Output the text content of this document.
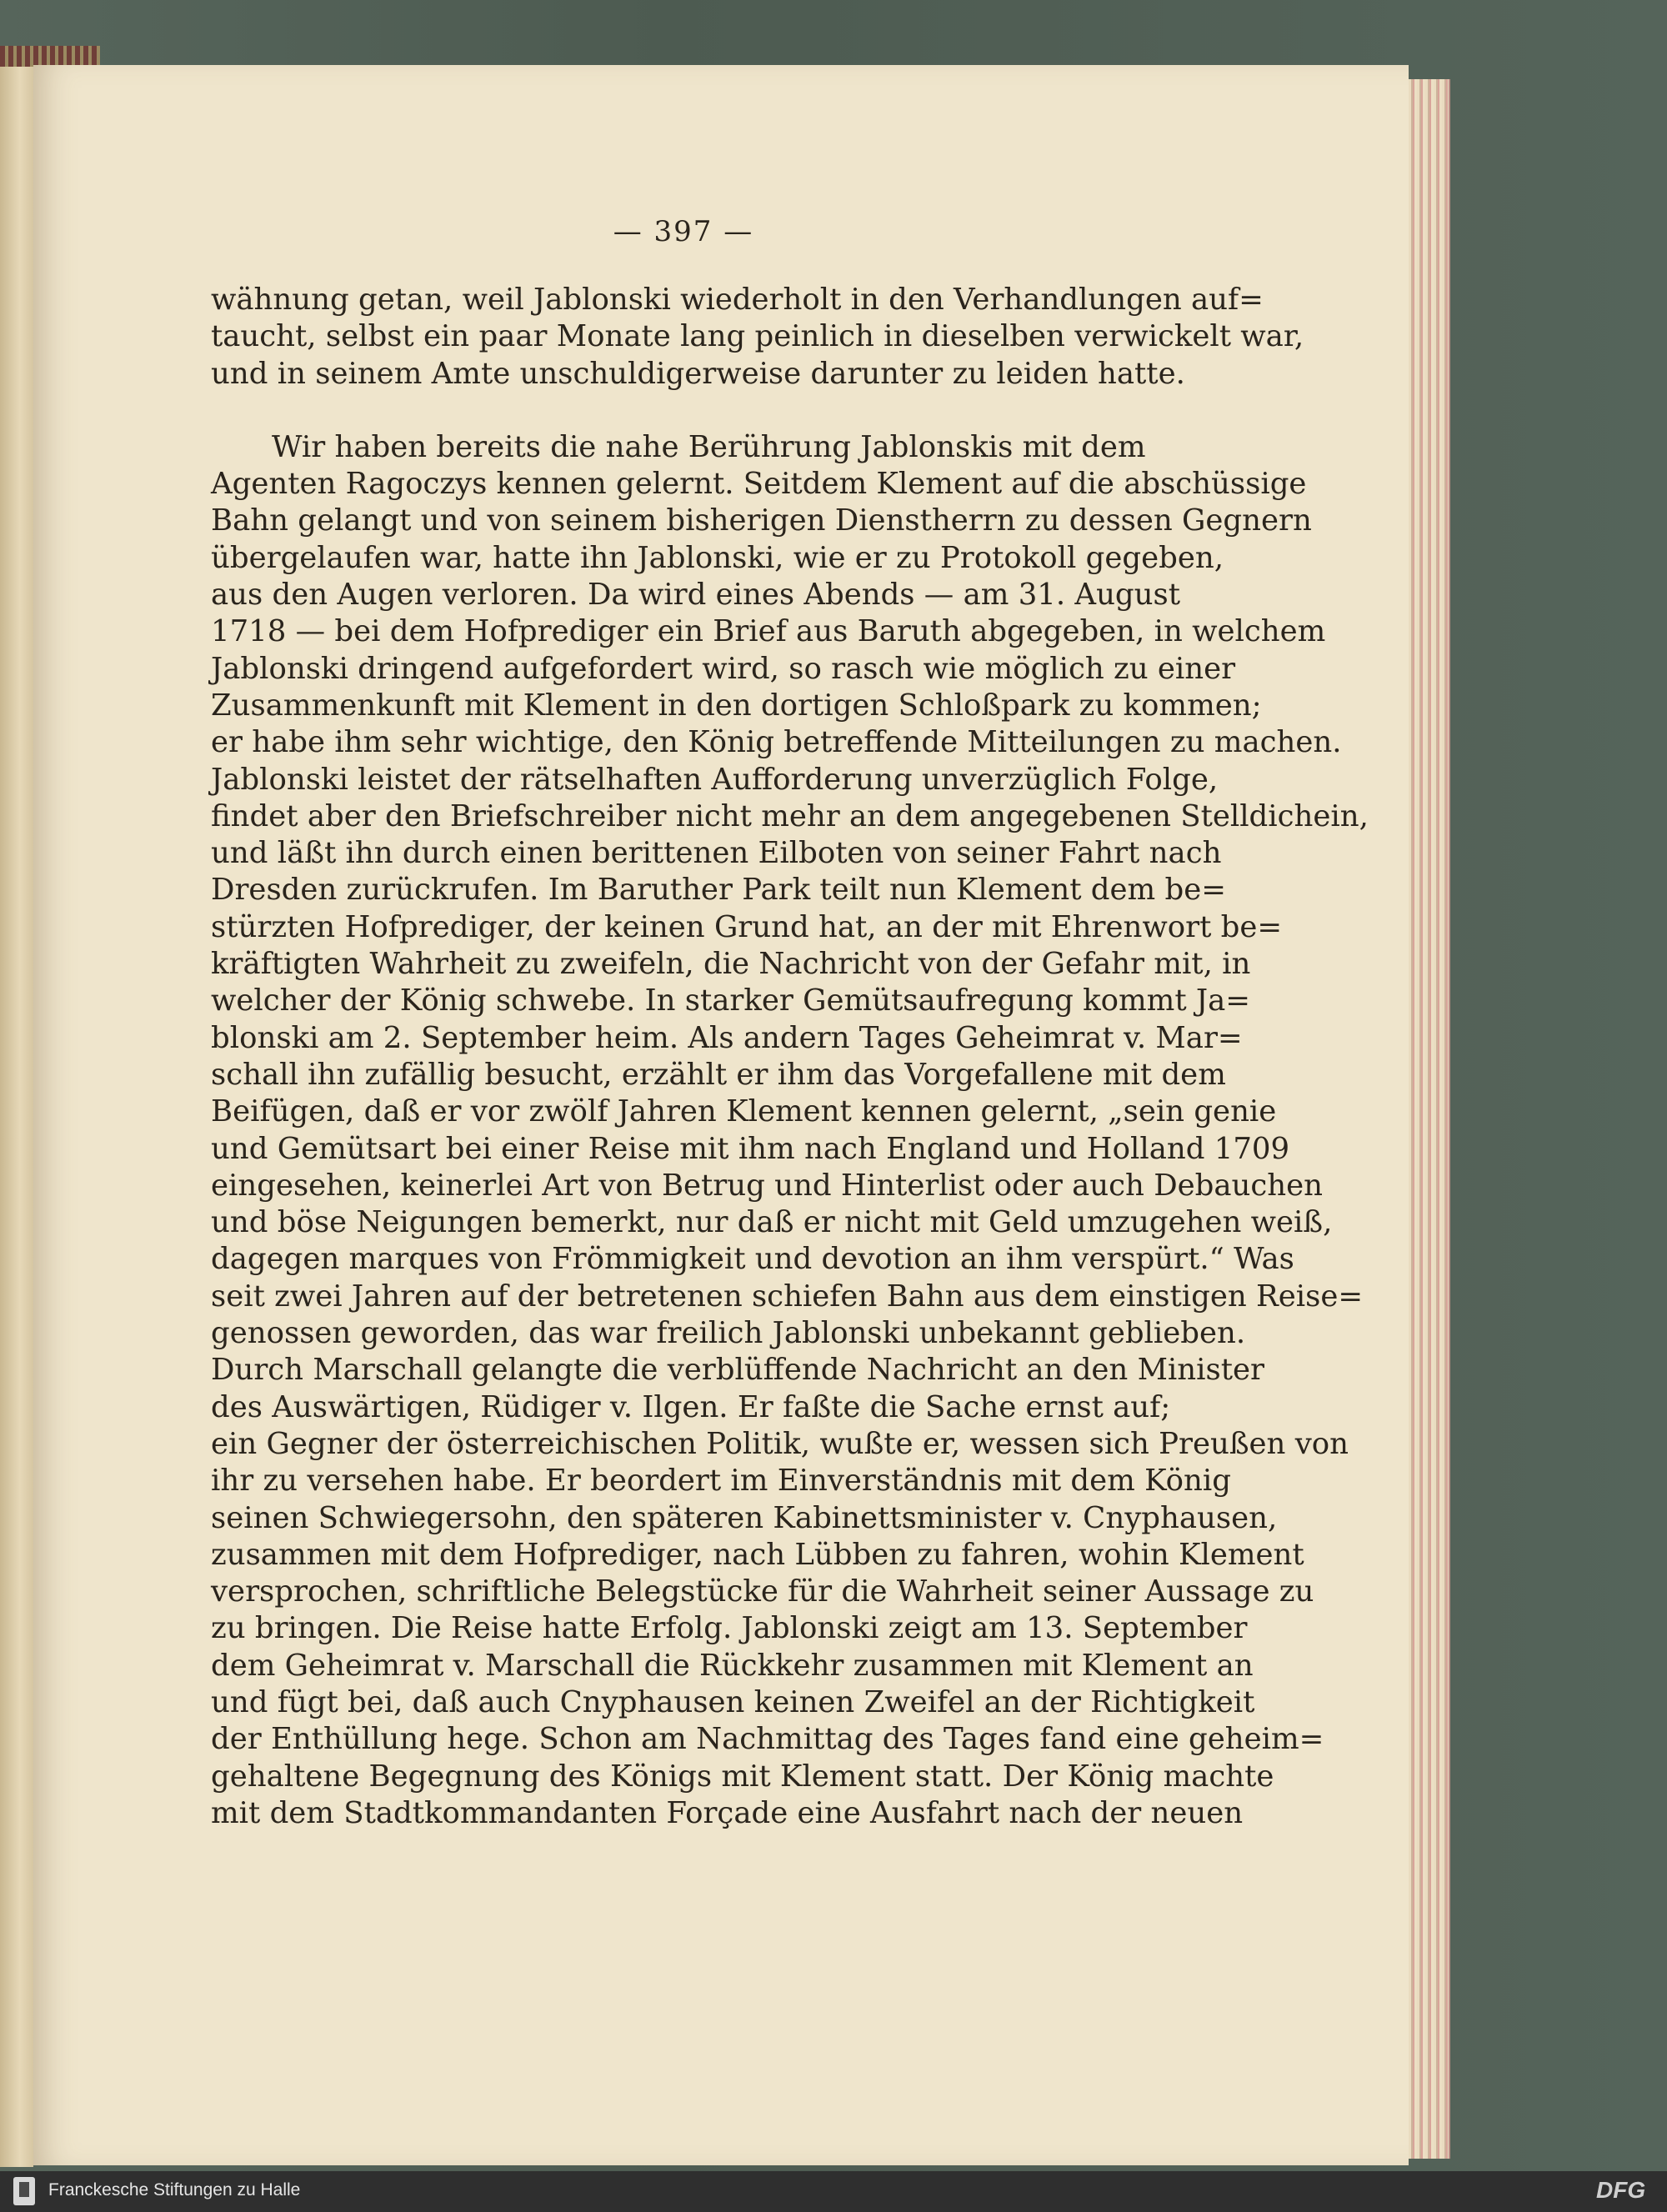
— 397 —
wähnung getan, weil Jablonski wiederholt in den Verhandlungen auf=
taucht, selbst ein paar Monate lang peinlich in dieselben verwickelt war,
und in seinem Amte unschuldigerweise darunter zu leiden hatte.
Wir haben bereits die nahe Berührung Jablonskis mit dem
Agenten Ragoczys kennen gelernt. Seitdem Klement auf die abschüssige
Bahn gelangt und von seinem bisherigen Dienstherrn zu dessen Gegnern
übergelaufen war, hatte ihn Jablonski, wie er zu Protokoll gegeben,
aus den Augen verloren. Da wird eines Abends — am 31. August
1718 — bei dem Hofprediger ein Brief aus Baruth abgegeben, in welchem
Jablonski dringend aufgefordert wird, so rasch wie möglich zu einer
Zusammenkunft mit Klement in den dortigen Schloßpark zu kommen;
er habe ihm sehr wichtige, den König betreffende Mitteilungen zu machen.
Jablonski leistet der rätselhaften Aufforderung unverzüglich Folge,
findet aber den Briefschreiber nicht mehr an dem angegebenen Stelldichein,
und läßt ihn durch einen berittenen Eilboten von seiner Fahrt nach
Dresden zurückrufen. Im Baruther Park teilt nun Klement dem be=
stürzten Hofprediger, der keinen Grund hat, an der mit Ehrenwort be=
kräftigten Wahrheit zu zweifeln, die Nachricht von der Gefahr mit, in
welcher der König schwebe. In starker Gemütsaufregung kommt Ja=
blonski am 2. September heim. Als andern Tages Geheimrat v. Mar=
schall ihn zufällig besucht, erzählt er ihm das Vorgefallene mit dem
Beifügen, daß er vor zwölf Jahren Klement kennen gelernt, „sein genie
und Gemütsart bei einer Reise mit ihm nach England und Holland 1709
eingesehen, keinerlei Art von Betrug und Hinterlist oder auch Debauchen
und böse Neigungen bemerkt, nur daß er nicht mit Geld umzugehen weiß,
dagegen marques von Frömmigkeit und devotion an ihm verspürt.“ Was
seit zwei Jahren auf der betretenen schiefen Bahn aus dem einstigen Reise=
genossen geworden, das war freilich Jablonski unbekannt geblieben.
Durch Marschall gelangte die verblüffende Nachricht an den Minister
des Auswärtigen, Rüdiger v. Ilgen. Er faßte die Sache ernst auf;
ein Gegner der österreichischen Politik, wußte er, wessen sich Preußen von
ihr zu versehen habe. Er beordert im Einverständnis mit dem König
seinen Schwiegersohn, den späteren Kabinettsminister v. Cnyphausen,
zusammen mit dem Hofprediger, nach Lübben zu fahren, wohin Klement
versprochen, schriftliche Belegstücke für die Wahrheit seiner Aussage zu
zu bringen. Die Reise hatte Erfolg. Jablonski zeigt am 13. September
dem Geheimrat v. Marschall die Rückkehr zusammen mit Klement an
und fügt bei, daß auch Cnyphausen keinen Zweifel an der Richtigkeit
der Enthüllung hege. Schon am Nachmittag des Tages fand eine geheim=
gehaltene Begegnung des Königs mit Klement statt. Der König machte
mit dem Stadtkommandanten Forçade eine Ausfahrt nach der neuen
Franckesche Stiftungen zu Halle	DFG
